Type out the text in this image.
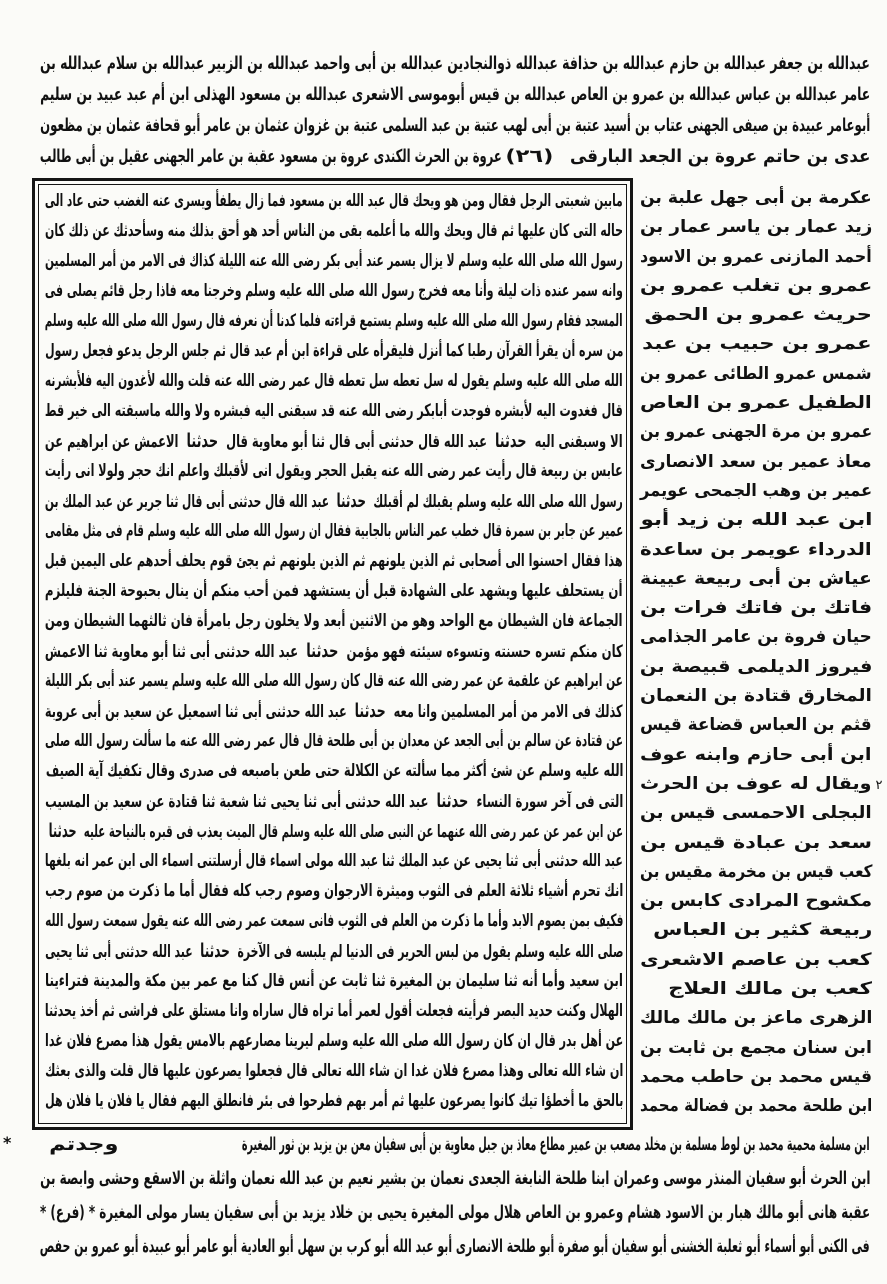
عبدالله بن جعفر عبدالله بن حازم عبدالله بن حذافة عبدالله ذوالنجادين عبدالله بن أبى واحمد عبدالله بن الزبير عبدالله بن سلام عبدالله بن
عامر عبدالله بن عباس عبدالله بن عمرو بن العاص عبدالله بن قيس أبوموسى الاشعرى عبدالله بن مسعود الهذلى ابن أم عبد عبيد بن سليم
أبوعامر عبيدة بن صيفى الجهنى عتاب بن أسيد عتبة بن أبى لهب عتبة بن عبد السلمى عتبة بن غزوان عثمان بن عامر أبو قحافة عثمان بن مظعون
عدى بن حاتم عروة بن الجعد البارقى
(٢٦)
عروة بن الحرث الكندى عروة بن مسعود عقبة بن عامر الجهنى عقيل بن أبى طالب
مابين شعبتى الرجل فقال ومن هو ويحك قال عبد الله بن مسعود فما زال يطفأ ويسرى عنه الغضب حتى عاد الى
حاله التى كان عليها ثم قال ويحك والله ما أعلمه بقى من الناس أحد هو أحق بذلك منه وسأحدثك عن ذلك كان
رسول الله صلى الله عليه وسلم لا يزال يسمر عند أبى بكر رضى الله عنه الليلة كذاك فى الامر من أمر المسلمين
وانه سمر عنده ذات ليلة وأنا معه فخرج رسول الله صلى الله عليه وسلم وخرجنا معه فاذا رجل قائم يصلى فى
المسجد فقام رسول الله صلى الله عليه وسلم يستمع قراءته فلما كدنا أن نعرفه قال رسول الله صلى الله عليه وسلم
من سره أن يقرأ القرآن رطبا كما أنزل فليقرأه على قراءة ابن أم عبد قال ثم جلس الرجل يدعو فجعل رسول
الله صلى الله عليه وسلم يقول له سل تعطه سل تعطه قال عمر رضى الله عنه قلت والله لأغدون اليه فلأبشرنه
قال فغدوت اليه لأبشره فوجدت أبابكر رضى الله عنه قد سبقنى اليه فبشره ولا والله ماسبقته الى خير قط
الا وسبقنى اليه حدثنا عبد الله قال حدثنى أبى قال ثنا أبو معاوية قال حدثنا الاعمش عن ابراهيم عن
عابس بن ربيعة قال رأيت عمر رضى الله عنه يقبل الحجر ويقول انى لأقبلك واعلم انك حجر ولولا انى رأيت
رسول الله صلى الله عليه وسلم يقبلك لم أقبلك حدثنا عبد الله قال حدثنى أبى قال ثنا جرير عن عبد الملك بن
عمير عن جابر بن سمرة قال خطب عمر الناس بالجابية فقال ان رسول الله صلى الله عليه وسلم قام فى مثل مقامى
هذا فقال احسنوا الى أصحابى ثم الذين يلونهم ثم الذين يلونهم ثم يجئ قوم يحلف أحدهم على اليمين قبل
أن يستحلف عليها ويشهد على الشهادة قبل أن يستشهد فمن أحب منكم أن ينال بحبوحة الجنة فليلزم
الجماعة فان الشيطان مع الواحد وهو من الاثنين أبعد ولا يخلون رجل بامرأة فان ثالثهما الشيطان ومن
كان منكم تسره حسنته وتسوءه سيئته فهو مؤمن حدثنا عبد الله حدثنى أبى ثنا أبو معاوية ثنا الاعمش
عن ابراهيم عن علقمة عن عمر رضى الله عنه قال كان رسول الله صلى الله عليه وسلم يسمر عند أبى بكر الليلة
كذلك فى الامر من أمر المسلمين وانا معه حدثنا عبد الله حدثنى أبى ثنا اسمعيل عن سعيد بن أبى عروبة
عن قتادة عن سالم بن أبى الجعد عن معدان بن أبى طلحة قال قال عمر رضى الله عنه ما سألت رسول الله صلى
الله عليه وسلم عن شئ أكثر مما سألته عن الكلالة حتى طعن باصبعه فى صدرى وقال تكفيك آية الصيف
التى فى آخر سورة النساء حدثنا عبد الله حدثنى أبى ثنا يحيى ثنا شعبة ثنا قتادة عن سعيد بن المسيب
عن ابن عمر عن عمر رضى الله عنهما عن النبى صلى الله عليه وسلم قال الميت يعذب فى قبره بالنياحة عليه حدثنا
عبد الله حدثنى أبى ثنا يحيى عن عبد الملك ثنا عبد الله مولى اسماء قال أرسلتنى اسماء الى ابن عمر انه بلغها
انك تحرم أشياء ثلاثة العلم فى الثوب وميثرة الارجوان وصوم رجب كله فقال أما ما ذكرت من صوم رجب
فكيف بمن يصوم الابد وأما ما ذكرت من العلم فى الثوب فانى سمعت عمر رضى الله عنه يقول سمعت رسول الله
صلى الله عليه وسلم يقول من لبس الحرير فى الدنيا لم يلبسه فى الآخرة حدثنا عبد الله حدثنى أبى ثنا يحيى
ابن سعيد وأما أنه ثنا سليمان بن المغيرة ثنا ثابت عن أنس قال كنا مع عمر بين مكة والمدينة فتراءينا
الهلال وكنت حديد البصر فرأيته فجعلت أقول لعمر أما تراه قال ساراه وانا مستلق على فراشى ثم أخذ يحدثنا
عن أهل بدر قال ان كان رسول الله صلى الله عليه وسلم ليرينا مصارعهم بالامس يقول هذا مصرع فلان غدا
ان شاء الله تعالى وهذا مصرع فلان غدا ان شاء الله تعالى قال فجعلوا يصرعون عليها قال قلت والذى بعثك
بالحق ما أخطؤا تيك كانوا يصرعون عليها ثم أمر بهم فطرحوا فى بئر فانطلق اليهم فقال يا فلان يا فلان هل
عكرمة بن أبى جهل علبة بن
زيد عمار بن ياسر عمار بن
أحمد المازنى عمرو بن الاسود
عمرو بن تغلب عمرو بن
حريث عمرو بن الحمق
عمرو بن حبيب بن عبد
شمس عمرو الطائى عمرو بن
الطفيل عمرو بن العاص
عمرو بن مرة الجهنى عمرو بن
معاذ عمير بن سعد الانصارى
عمير بن وهب الجمحى عويمر
ابن عبد الله بن زيد أبو
الدرداء عويمر بن ساعدة
عياش بن أبى ربيعة عيينة
فاتك بن فاتك فرات بن
حيان فروة بن عامر الجذامى
فيروز الديلمى قبيصة بن
المخارق قتادة بن النعمان
قثم بن العباس قضاعة قيس
ابن أبى حازم وابنه عوف
ويقال له عوف بن الحرث
البجلى الاحمسى قيس بن
سعد بن عبادة قيس بن
كعب قيس بن مخرمة مقيس بن
مكشوح المرادى كابس بن
ربيعة كثير بن العباس
كعب بن عاصم الاشعرى
كعب بن مالك العلاج
الزهرى ماعز بن مالك مالك
ابن سنان مجمع بن ثابت بن
قيس محمد بن حاطب محمد
ابن طلحة محمد بن فضالة محمد
ابن مسلمة محمية محمد بن لوط مسلمة بن مخلد مصعب بن عمير مطاع معاذ بن جبل معاوية بن أبى سفيان معن بن يزيد بن ثور المغيرة
وجدتم
ابن الحرث أبو سفيان المنذر موسى وعمران ابنا طلحة النابغة الجعدى نعمان بن بشير نعيم بن عبد الله نعمان واثلة بن الاسقع وحشى وابصة بن
عقبة هانى أبو مالك هبار بن الاسود هشام وعمرو بن العاص هلال مولى المغيرة يحيى بن خلاد يزيد بن أبى سفيان يسار مولى المغيرة * (فرع) *
فى الكنى أبو أسماء أبو ثعلبة الخشنى أبو سفيان أبو صفرة أبو طلحة الانصارى أبو عبد الله أبو كرب بن سهل أبو العادية أبو عامر أبو عبيدة أبو عمرو بن حفص
٢
*
